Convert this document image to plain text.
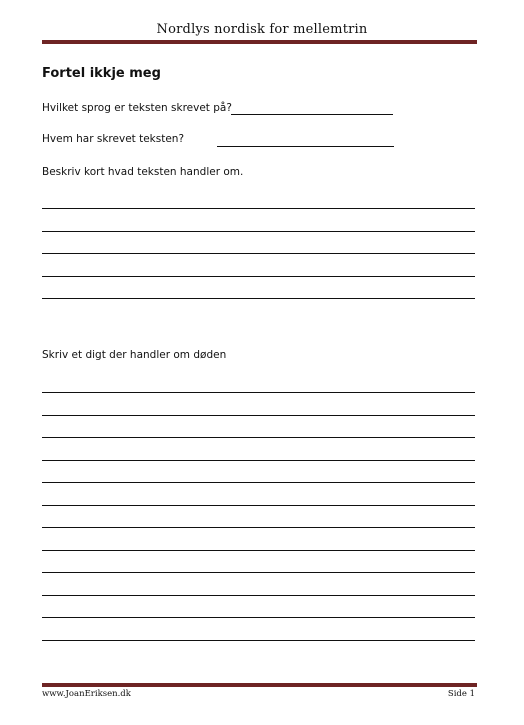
Nordlys nordisk for mellemtrin
Fortel ikkje meg
Hvilket sprog er teksten skrevet på?
Hvem har skrevet teksten?
Beskriv kort hvad teksten handler om.
Skriv et digt der handler om døden
www.JoanEriksen.dk	Side 1
